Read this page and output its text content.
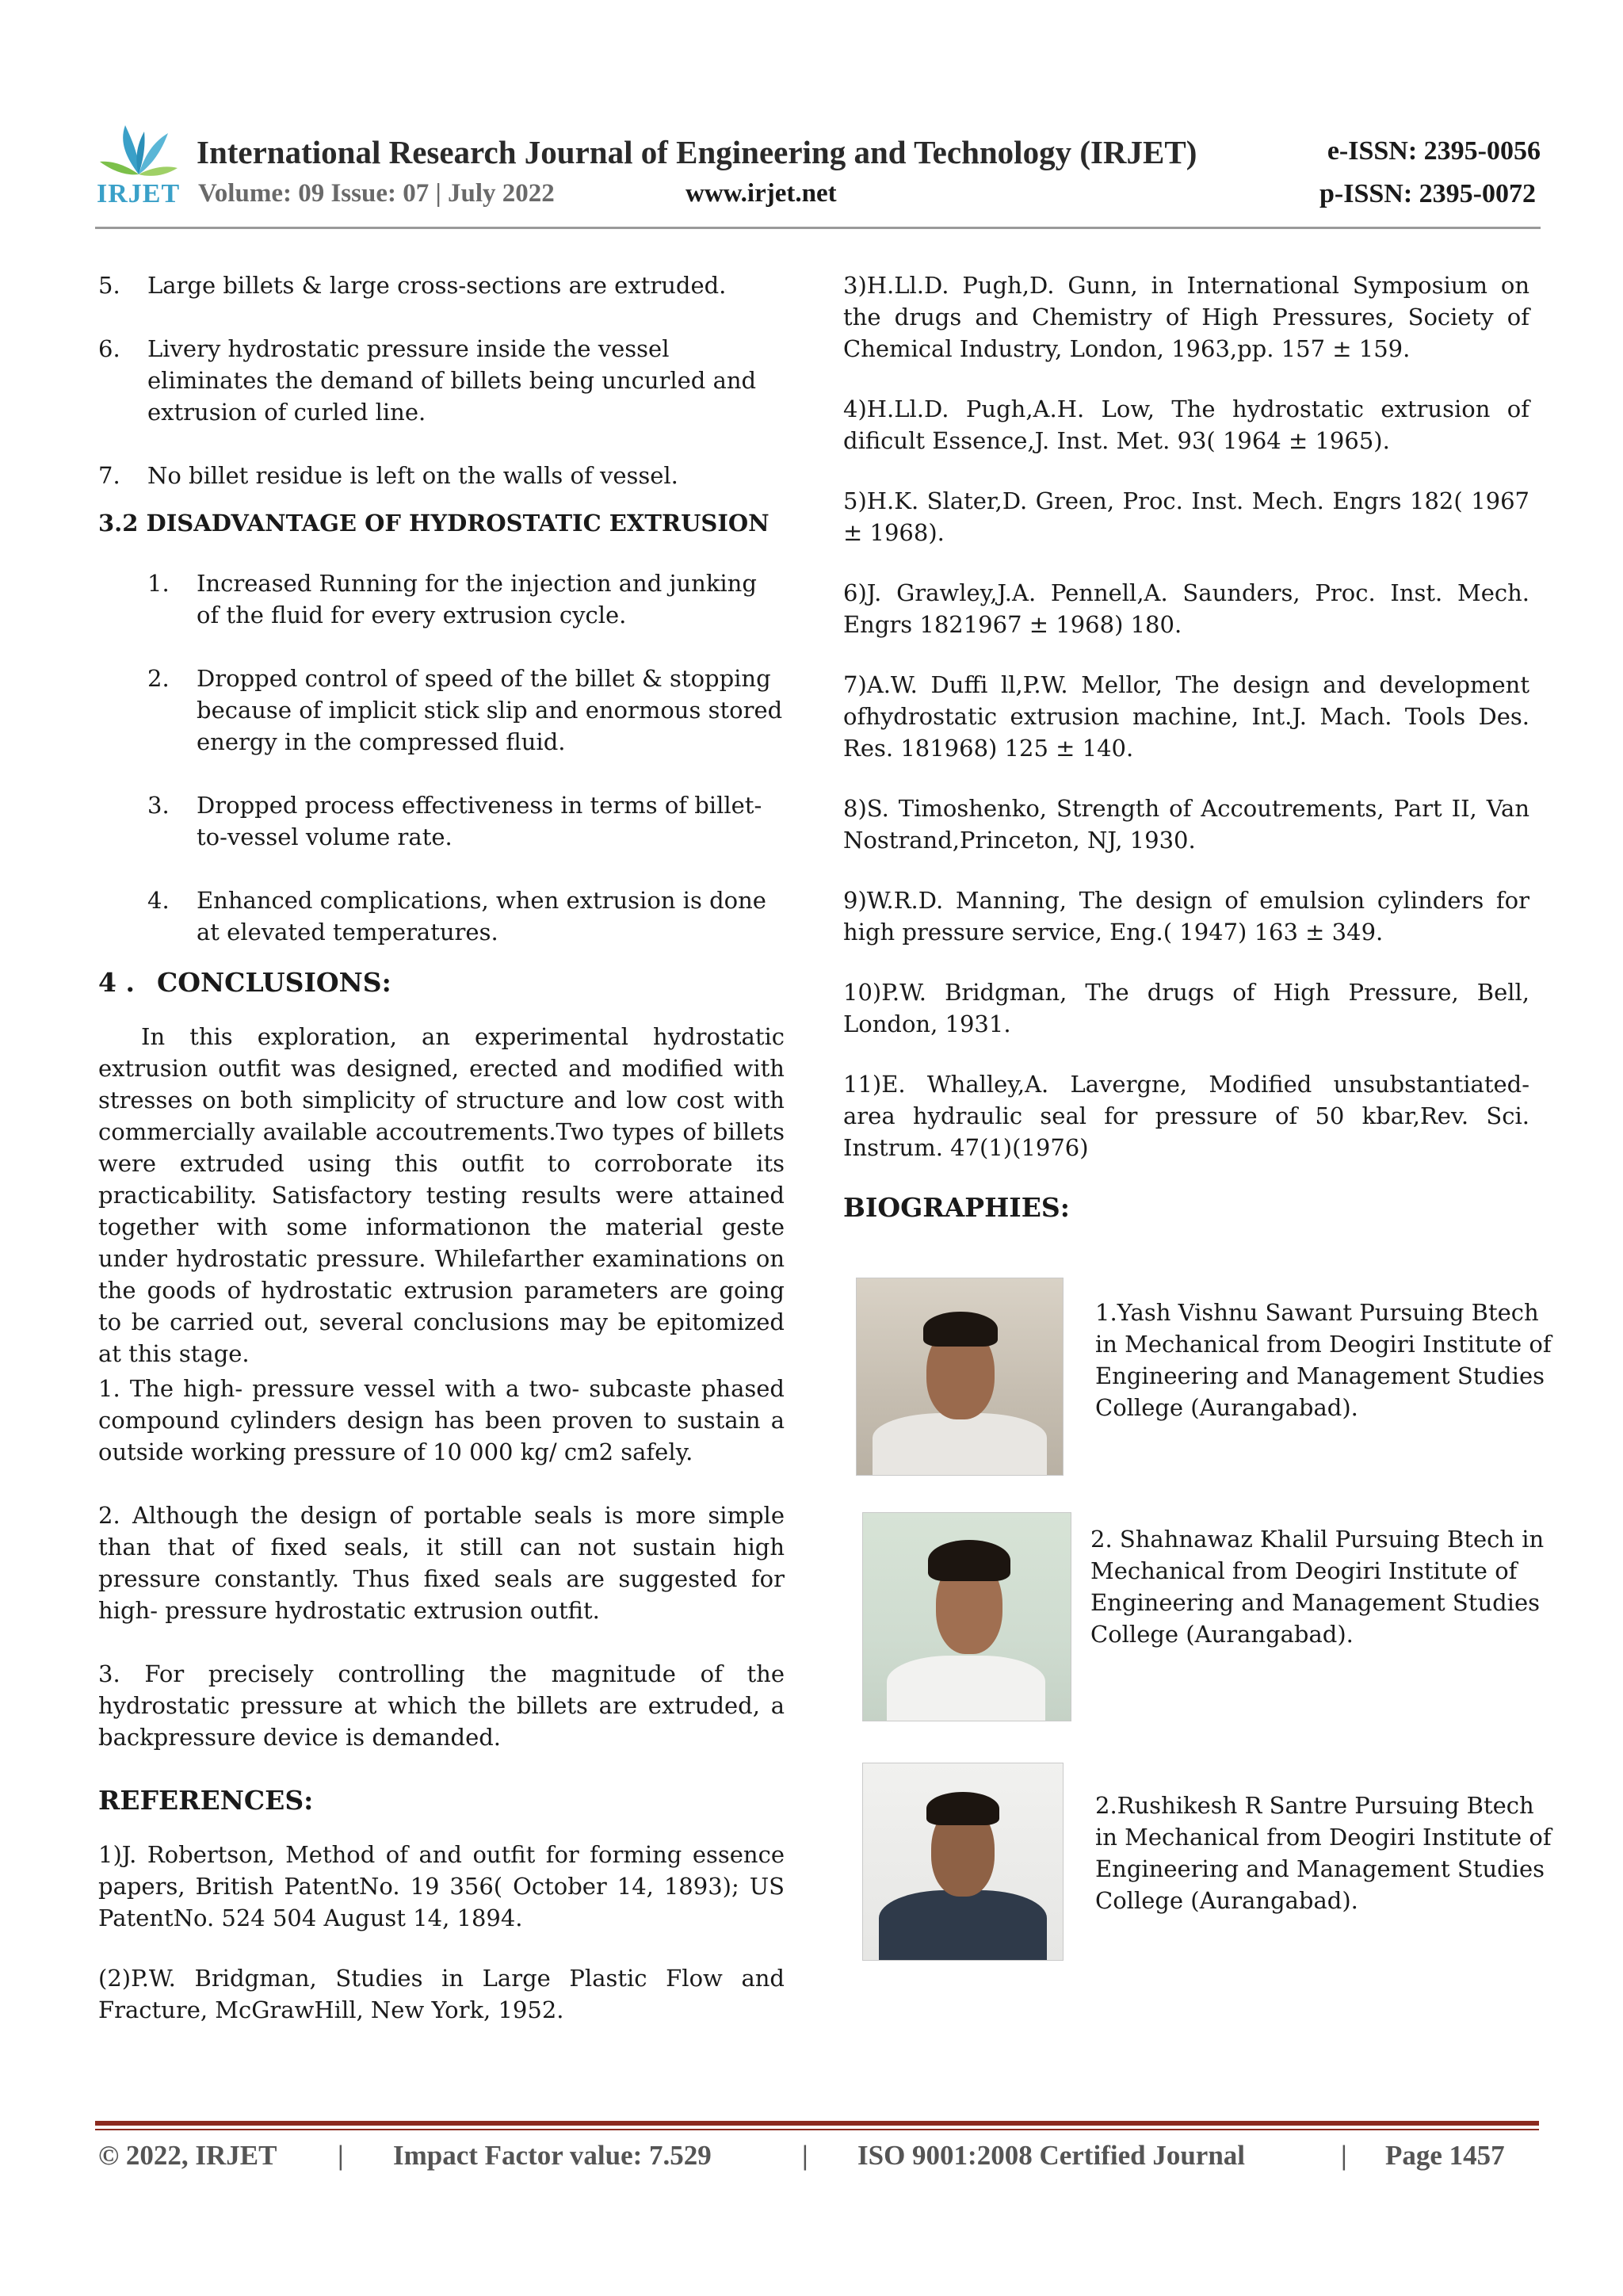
IRJET
International Research Journal of Engineering and Technology (IRJET)	e-ISSN: 2395-0056
Volume: 09 Issue: 07 | July 2022	www.irjet.net	p-ISSN: 2395-0072
5. Large billets & large cross-sections are extruded.
6. Livery hydrostatic pressure inside the vessel eliminates the demand of billets being uncurled and extrusion of curled line.
7. No billet residue is left on the walls of vessel.
3.2 DISADVANTAGE OF HYDROSTATIC EXTRUSION
1. Increased Running for the injection and junking of the fluid for every extrusion cycle.
2. Dropped control of speed of the billet & stopping because of implicit stick slip and enormous stored energy in the compressed fluid.
3. Dropped process effectiveness in terms of billet- to-vessel volume rate.
4. Enhanced complications, when extrusion is done at elevated temperatures.
4 . CONCLUSIONS:

In this exploration, an experimental hydrostatic extrusion outfit was designed, erected and modified with stresses on both simplicity of structure and low cost with commercially available accoutrements.Two types of billets were extruded using this outfit to corroborate its practicability. Satisfactory testing results were attained together with some informationon the material geste under hydrostatic pressure. Whilefarther examinations on the goods of hydrostatic extrusion parameters are going to be carried out, several conclusions may be epitomized at this stage.

1. The high- pressure vessel with a two- subcaste phased compound cylinders design has been proven to sustain a outside working pressure of 10 000 kg/ cm2 safely.

2. Although the design of portable seals is more simple than that of fixed seals, it still can not sustain high pressure constantly. Thus fixed seals are suggested for high- pressure hydrostatic extrusion outfit.

3. For precisely controlling the magnitude of the hydrostatic pressure at which the billets are extruded, a backpressure device is demanded.

REFERENCES:

1)J. Robertson, Method of and outfit for forming essence papers, British PatentNo. 19 356( October 14, 1893); US PatentNo. 524 504 August 14, 1894.

(2)P.W. Bridgman, Studies in Large Plastic Flow and Fracture, McGrawHill, New York, 1952.

3)H.Ll.D. Pugh,D. Gunn, in International Symposium on the drugs and Chemistry of High Pressures, Society of Chemical Industry, London, 1963,pp. 157 ± 159.

4)H.Ll.D. Pugh,A.H. Low, The hydrostatic extrusion of dificult Essence,J. Inst. Met. 93( 1964 ± 1965).

5)H.K. Slater,D. Green, Proc. Inst. Mech. Engrs 182( 1967 ± 1968).

6)J. Grawley,J.A. Pennell,A. Saunders, Proc. Inst. Mech. Engrs 1821967 ± 1968) 180.

7)A.W. Duffi ll,P.W. Mellor, The design and development ofhydrostatic extrusion machine, Int.J. Mach. Tools Des. Res. 181968) 125 ± 140.

8)S. Timoshenko, Strength of Accoutrements, Part II, Van Nostrand,Princeton, NJ, 1930.

9)W.R.D. Manning, The design of emulsion cylinders for high pressure service, Eng.( 1947) 163 ± 349.

10)P.W. Bridgman, The drugs of High Pressure, Bell, London, 1931.

11)E. Whalley,A. Lavergne, Modified unsubstantiated- area hydraulic seal for pressure of 50 kbar,Rev. Sci. Instrum. 47(1)(1976)

BIOGRAPHIES:
1.Yash Vishnu Sawant Pursuing Btech in Mechanical from Deogiri Institute of Engineering and Management Studies College (Aurangabad).
2. Shahnawaz Khalil Pursuing Btech in Mechanical from Deogiri Institute of Engineering and Management Studies College (Aurangabad).
2.Rushikesh R Santre Pursuing Btech in Mechanical from Deogiri Institute of Engineering and Management Studies College (Aurangabad).
© 2022, IRJET | Impact Factor value: 7.529	| ISO 9001:2008 Certified Journal	| Page 1457
